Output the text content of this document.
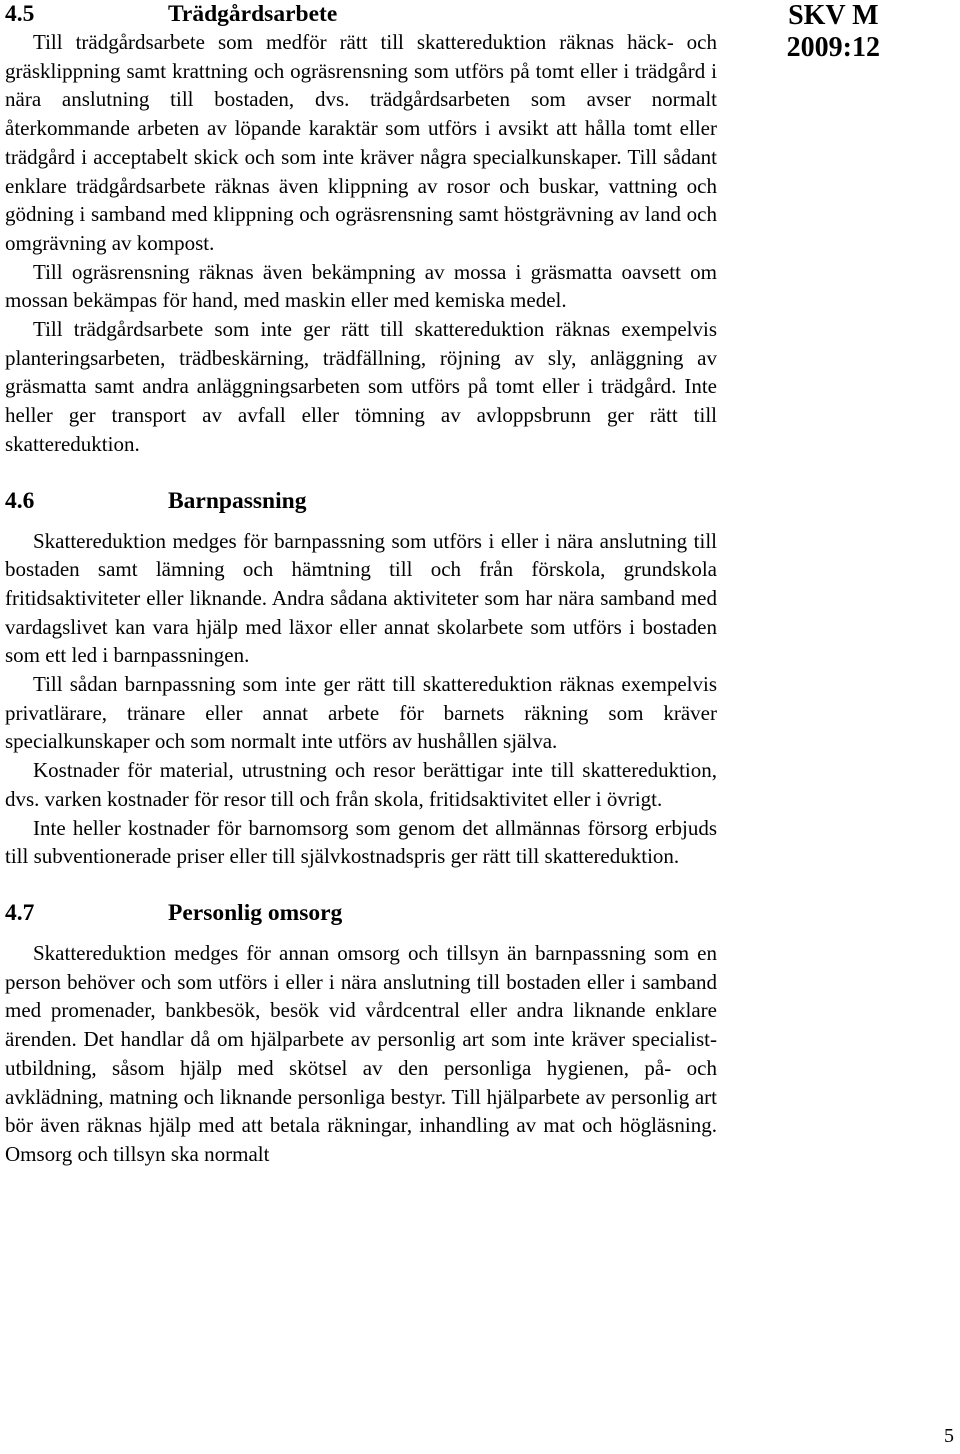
SKV M
2009:12
4.5	Trädgårdsarbete

Till trädgårdsarbete som medför rätt till skattereduktion räknas häck- och gräsklippning samt krattning och ogräsrensning som utförs på tomt eller i trädgård i nära anslutning till bostaden, dvs. trädgårdsarbeten som avser normalt återkommande arbeten av löpande karaktär som utförs i avsikt att hålla tomt eller trädgård i acceptabelt skick och som inte kräver några specialkunskaper. Till sådant enklare trädgårdsarbete räknas även klippning av rosor och buskar, vattning och gödning i samband med klippning och ogräsrensning samt höstgrävning av land och omgrävning av kompost.

Till ogräsrensning räknas även bekämpning av mossa i gräsmatta oavsett om mossan bekämpas för hand, med maskin eller med kemiska medel.

Till trädgårdsarbete som inte ger rätt till skattereduktion räknas exempelvis planteringsarbeten, trädbeskärning, trädfällning, röjning av sly, anläggning av gräsmatta samt andra anläggningsarbeten som utförs på tomt eller i trädgård. Inte heller ger transport av avfall eller tömning av avloppsbrunn ger rätt till skattereduktion.

4.6	Barnpassning

Skattereduktion medges för barnpassning som utförs i eller i nära anslutning till bostaden samt lämning och hämtning till och från förskola, grundskola fritidsaktiviteter eller liknande. Andra sådana aktiviteter som har nära samband med vardagslivet kan vara hjälp med läxor eller annat skolarbete som utförs i bostaden som ett led i barnpassningen.

Till sådan barnpassning som inte ger rätt till skattereduktion räknas exempelvis privatlärare, tränare eller annat arbete för barnets räkning som kräver specialkunskaper och som normalt inte utförs av hushållen själva.

Kostnader för material, utrustning och resor berättigar inte till skattereduktion, dvs. varken kostnader för resor till och från skola, fritidsaktivitet eller i övrigt.

Inte heller kostnader för barnomsorg som genom det allmännas försorg erbjuds till subventionerade priser eller till självkostnadspris ger rätt till skattereduktion.

4.7	Personlig omsorg

Skattereduktion medges för annan omsorg och tillsyn än barnpassning som en person behöver och som utförs i eller i nära anslutning till bostaden eller i samband med promenader, bankbesök, besök vid vårdcentral eller andra liknande enklare ärenden. Det handlar då om hjälparbete av personlig art som inte kräver specialistutbildning, såsom hjälp med skötsel av den personliga hygienen, på- och avklädning, matning och liknande personliga bestyr. Till hjälparbete av personlig art bör även räknas hjälp med att betala räkningar, inhandling av mat och högläsning. Omsorg och tillsyn ska normalt

5
